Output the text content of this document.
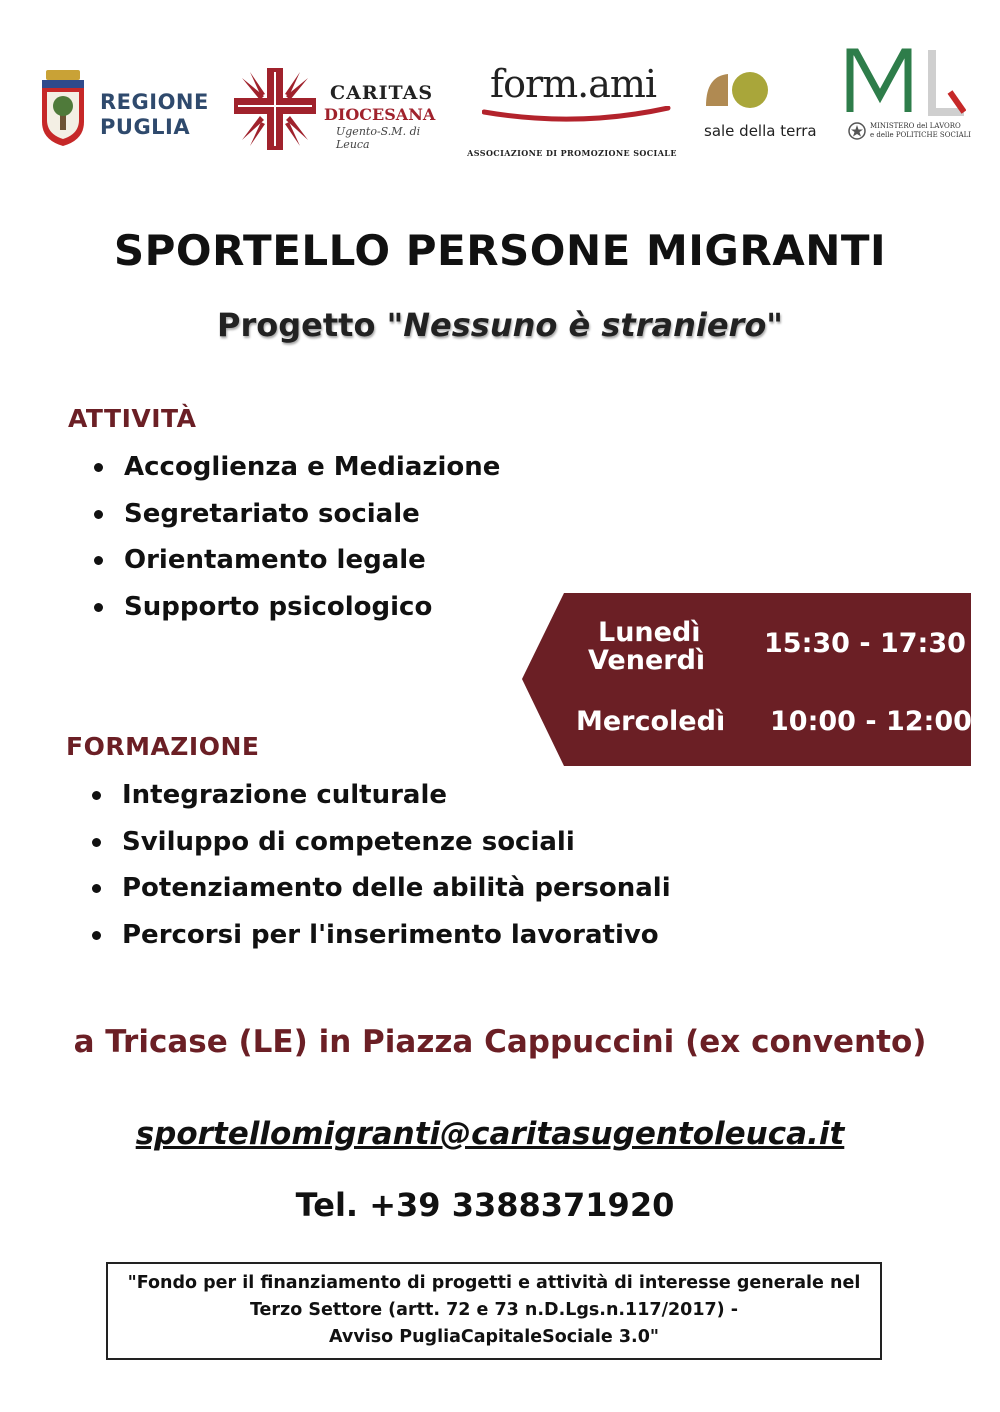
REGIONE
PUGLIA
CARITAS
DIOCESANA
Ugento-S.M. di Leuca
form.ami
ASSOCIAZIONE DI PROMOZIONE SOCIALE
sale della terra	MINISTERO del LAVORO
e delle POLITICHE SOCIALI
SPORTELLO PERSONE MIGRANTI
Progetto "Nessuno è straniero"
ATTIVITÀ
Accoglienza e Mediazione
Segretariato sociale
Orientamento legale
Supporto psicologico
Lunedì
Venerdì
15:30 - 17:30
Mercoledì 10:00 - 12:00
FORMAZIONE
Integrazione culturale
Sviluppo di competenze sociali
Potenziamento delle abilità personali
Percorsi per l'inserimento lavorativo
a Tricase (LE) in Piazza Cappuccini (ex convento)
sportellomigranti@caritasugentoleuca.it
Tel. +39 3388371920
"Fondo per il finanziamento di progetti e attività di interesse generale nel
Terzo Settore (artt. 72 e 73 n.D.Lgs.n.117/2017) -
Avviso PugliaCapitaleSociale 3.0"
